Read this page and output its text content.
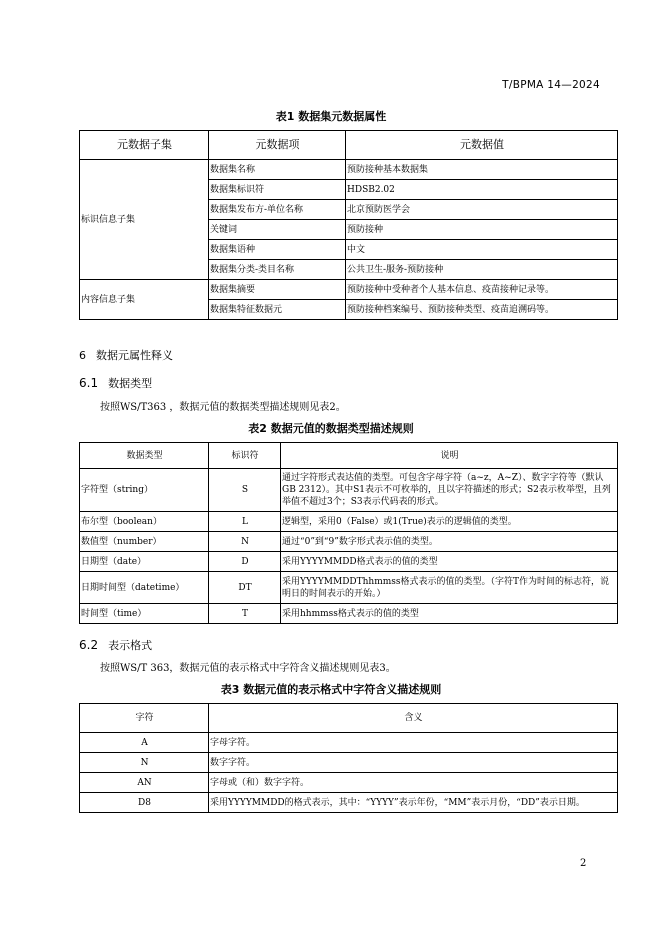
T/BPMA 14—2024
表1 数据集元数据属性
元数据子集	元数据项	元数据值
标识信息子集	数据集名称	预防接种基本数据集
	数据集标识符	HDSB2.02
	数据集发布方-单位名称	北京预防医学会
	关键词	预防接种
	数据集语种	中文
	数据集分类-类目名称	公共卫生-服务-预防接种
内容信息子集	数据集摘要	预防接种中受种者个人基本信息、疫苗接种记录等。
	数据集特征数据元	预防接种档案编号、预防接种类型、疫苗追溯码等。
6 数据元属性释义
6.1 数据类型
按照WS/T363 ，数据元值的数据类型描述规则见表2。
表2 数据元值的数据类型描述规则
数据类型	标识符	说明
字符型（string）	S	通过字符形式表达值的类型。可包含字母字符（a~z，A~Z）、数字字符等（默认GB 2312）。其中S1表示不可枚举的，且以字符描述的形式；S2表示枚举型，且列举值不超过3个；S3表示代码表的形式。
布尔型（boolean）	L	逻辑型，采用0（False）或1(True)表示的逻辑值的类型。
数值型（number）	N	通过“0”到“9”数字形式表示值的类型。
日期型（date）	D	采用YYYYMMDD格式表示的值的类型
日期时间型（datetime）	DT	采用YYYYMMDDThhmmss格式表示的值的类型。（字符T作为时间的标志符，说明日的时间表示的开始。）
时间型（time）	T	采用hhmmss格式表示的值的类型
6.2 表示格式
按照WS/T 363，数据元值的表示格式中字符含义描述规则见表3。
表3 数据元值的表示格式中字符含义描述规则
字符	含义
A	字母字符。
N	数字字符。
AN	字母或（和）数字字符。
D8	采用YYYYMMDD的格式表示，其中：“YYYY”表示年份，“MM”表示月份，“DD”表示日期。
2
